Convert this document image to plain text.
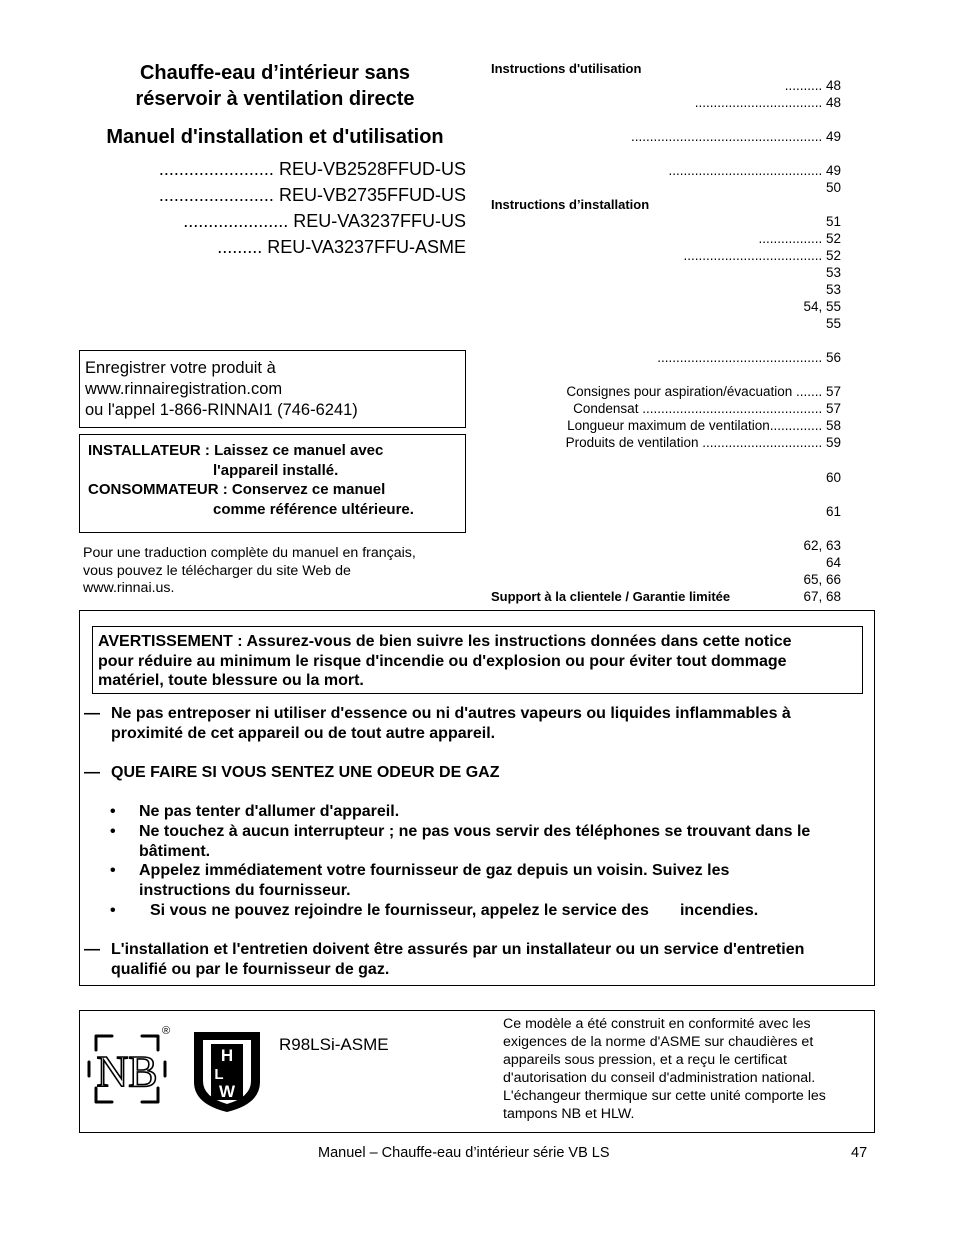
Chauffe-eau d’intérieur sans
réservoir à ventilation directe
Manuel d'installation et d'utilisation
....................... REU-VB2528FFUD-US
....................... REU-VB2735FFUD-US
..................... REU-VA3237FFU-US
......... REU-VA3237FFU-ASME
Enregistrer votre produit à
www.rinnairegistration.com
ou l'appel 1-866-RINNAI1 (746-6241)
INSTALLATEUR : Laissez ce manuel avec
l'appareil installé.
CONSOMMATEUR : Conservez ce manuel
comme référence ultérieure.
Pour une traduction complète du manuel en français,
vous pouvez le télécharger du site Web de
www.rinnai.us.
Instructions d'utilisation
.......... 48
.................................. 48
................................................... 49
......................................... 49
50
Instructions d’installation
51
................. 52
..................................... 52
53
53
54, 55
55
............................................ 56
Consignes pour aspiration/évacuation ....... 57
Condensat ................................................ 57
Longueur maximum de ventilation.............. 58
Produits de ventilation ................................ 59
60
61
62, 63
64
65, 66
Support à la clientele / Garantie limitée	67, 68
AVERTISSEMENT : Assurez-vous de bien suivre les instructions données dans cette notice
pour réduire au minimum le risque d'incendie ou d'explosion ou pour éviter tout dommage
matériel, toute blessure ou la mort.
— Ne pas entreposer ni utiliser d'essence ou ni d'autres vapeurs ou liquides inflammables à
proximité de cet appareil ou de tout autre appareil.
— QUE FAIRE SI VOUS SENTEZ UNE ODEUR DE GAZ
• Ne pas tenter d'allumer d'appareil.
• Ne touchez à aucun interrupteur ; ne pas vous servir des téléphones se trouvant dans le
bâtiment.
• Appelez immédiatement votre fournisseur de gaz depuis un voisin. Suivez les
instructions du fournisseur.
• Si vous ne pouvez rejoindre le fournisseur, appelez le service des       incendies.
— L'installation et l'entretien doivent être assurés par un installateur ou un service d'entretien
qualifié ou par le fournisseur de gaz.
NB
®
H
L
W
R98LSi-ASME
Ce modèle a été construit en conformité avec les
exigences de la norme d'ASME sur chaudières et
appareils sous pression, et a reçu le certificat
d'autorisation du conseil d'administration national.
L'échangeur thermique sur cette unité comporte les
tampons NB et HLW.
Manuel – Chauffe-eau d’intérieur série VB LS	47
